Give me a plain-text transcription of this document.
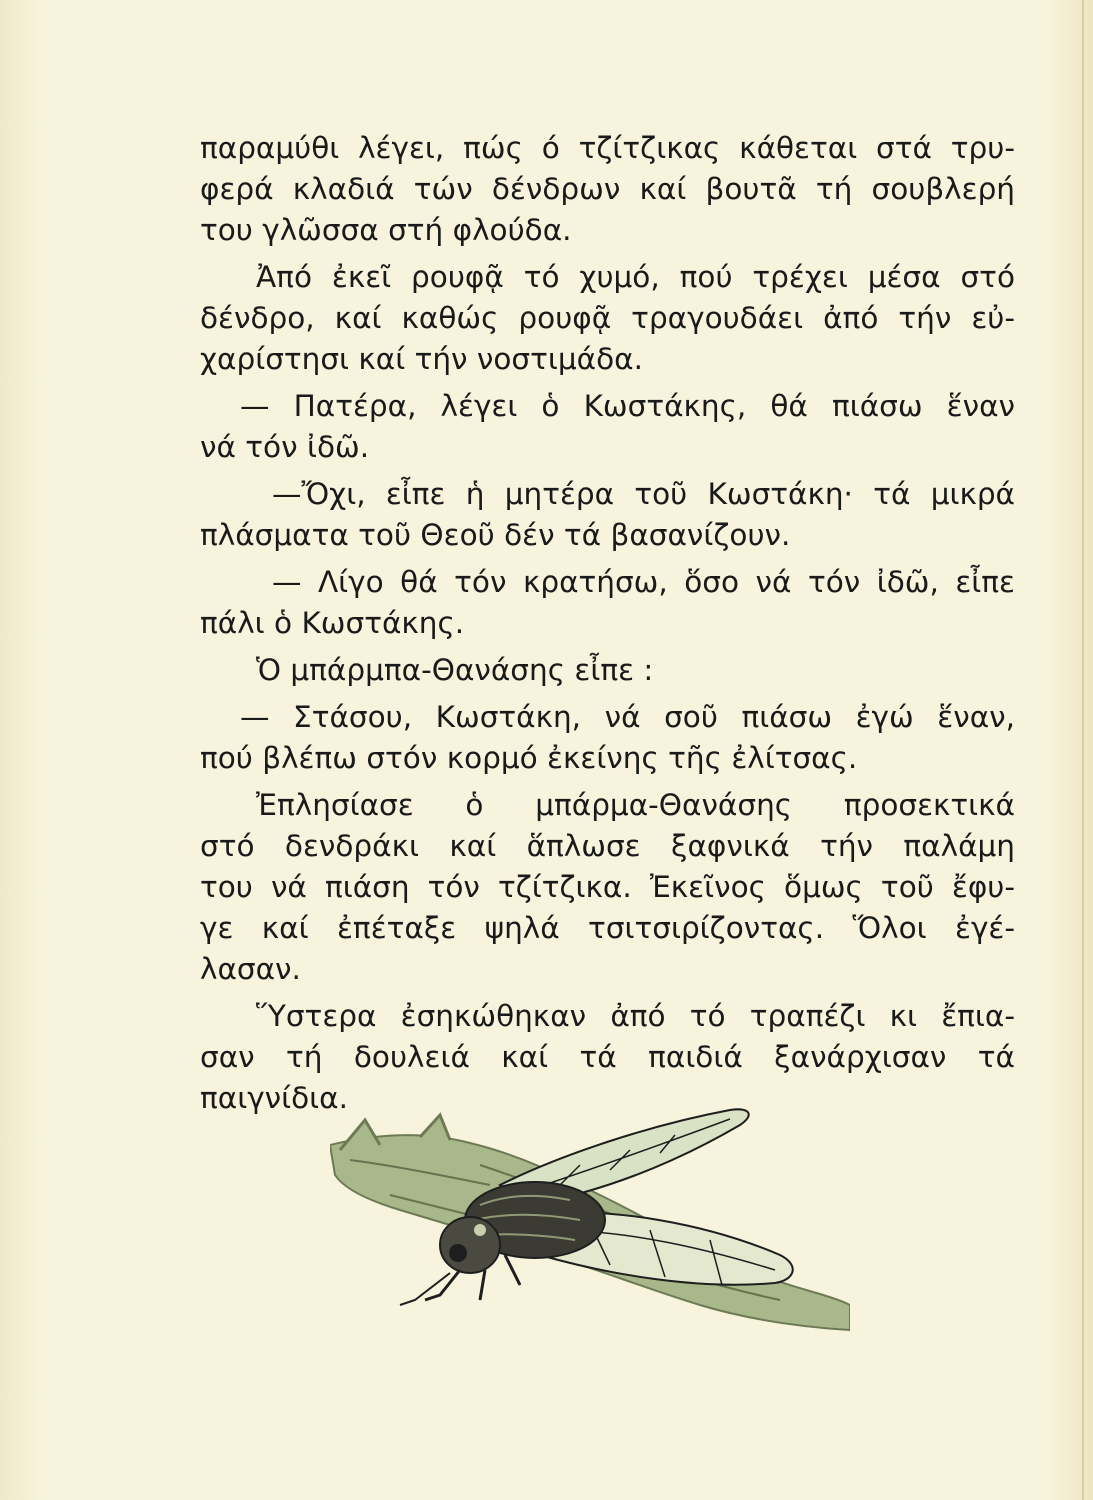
παραμύθι λέγει, πώς ό τζίτζικας κάθεται στά τρυ-
φερά κλαδιά τών δένδρων καί βουτᾶ τή σουβλερή
του γλῶσσα στή φλούδα.
Ἀπό ἐκεῖ ρουφᾷ τό χυμό, πού τρέχει μέσα στό
δένδρο, καί καθώς ρουφᾷ τραγουδάει ἀπό τήν εὐ-
χαρίστησι καί τήν νοστιμάδα.
— Πατέρα, λέγει ὁ Κωστάκης, θά πιάσω ἕναν
νά τόν ἰδῶ.
—Ὄχι, εἶπε ἡ μητέρα τοῦ Κωστάκη· τά μικρά
πλάσματα τοῦ Θεοῦ δέν τά βασανίζουν.
— Λίγο θά τόν κρατήσω, ὅσο νά τόν ἰδῶ, εἶπε
πάλι ὁ Κωστάκης.
Ὁ μπάρμπα-Θανάσης εἶπε :
— Στάσου, Κωστάκη, νά σοῦ πιάσω ἐγώ ἕναν,
πού βλέπω στόν κορμό ἐκείνης τῆς ἐλίτσας.
Ἐπλησίασε ὁ μπάρμα-Θανάσης προσεκτικά
στό δενδράκι καί ἅπλωσε ξαφνικά τήν παλάμη
του νά πιάση τόν τζίτζικα. Ἐκεῖνος ὅμως τοῦ ἔφυ-
γε καί ἐπέταξε ψηλά τσιτσιρίζοντας. Ὅλοι ἐγέ-
λασαν.
Ὕστερα ἐσηκώθηκαν ἀπό τό τραπέζι κι ἔπια-
σαν τή δουλειά καί τά παιδιά ξανάρχισαν τά
παιγνίδια.
